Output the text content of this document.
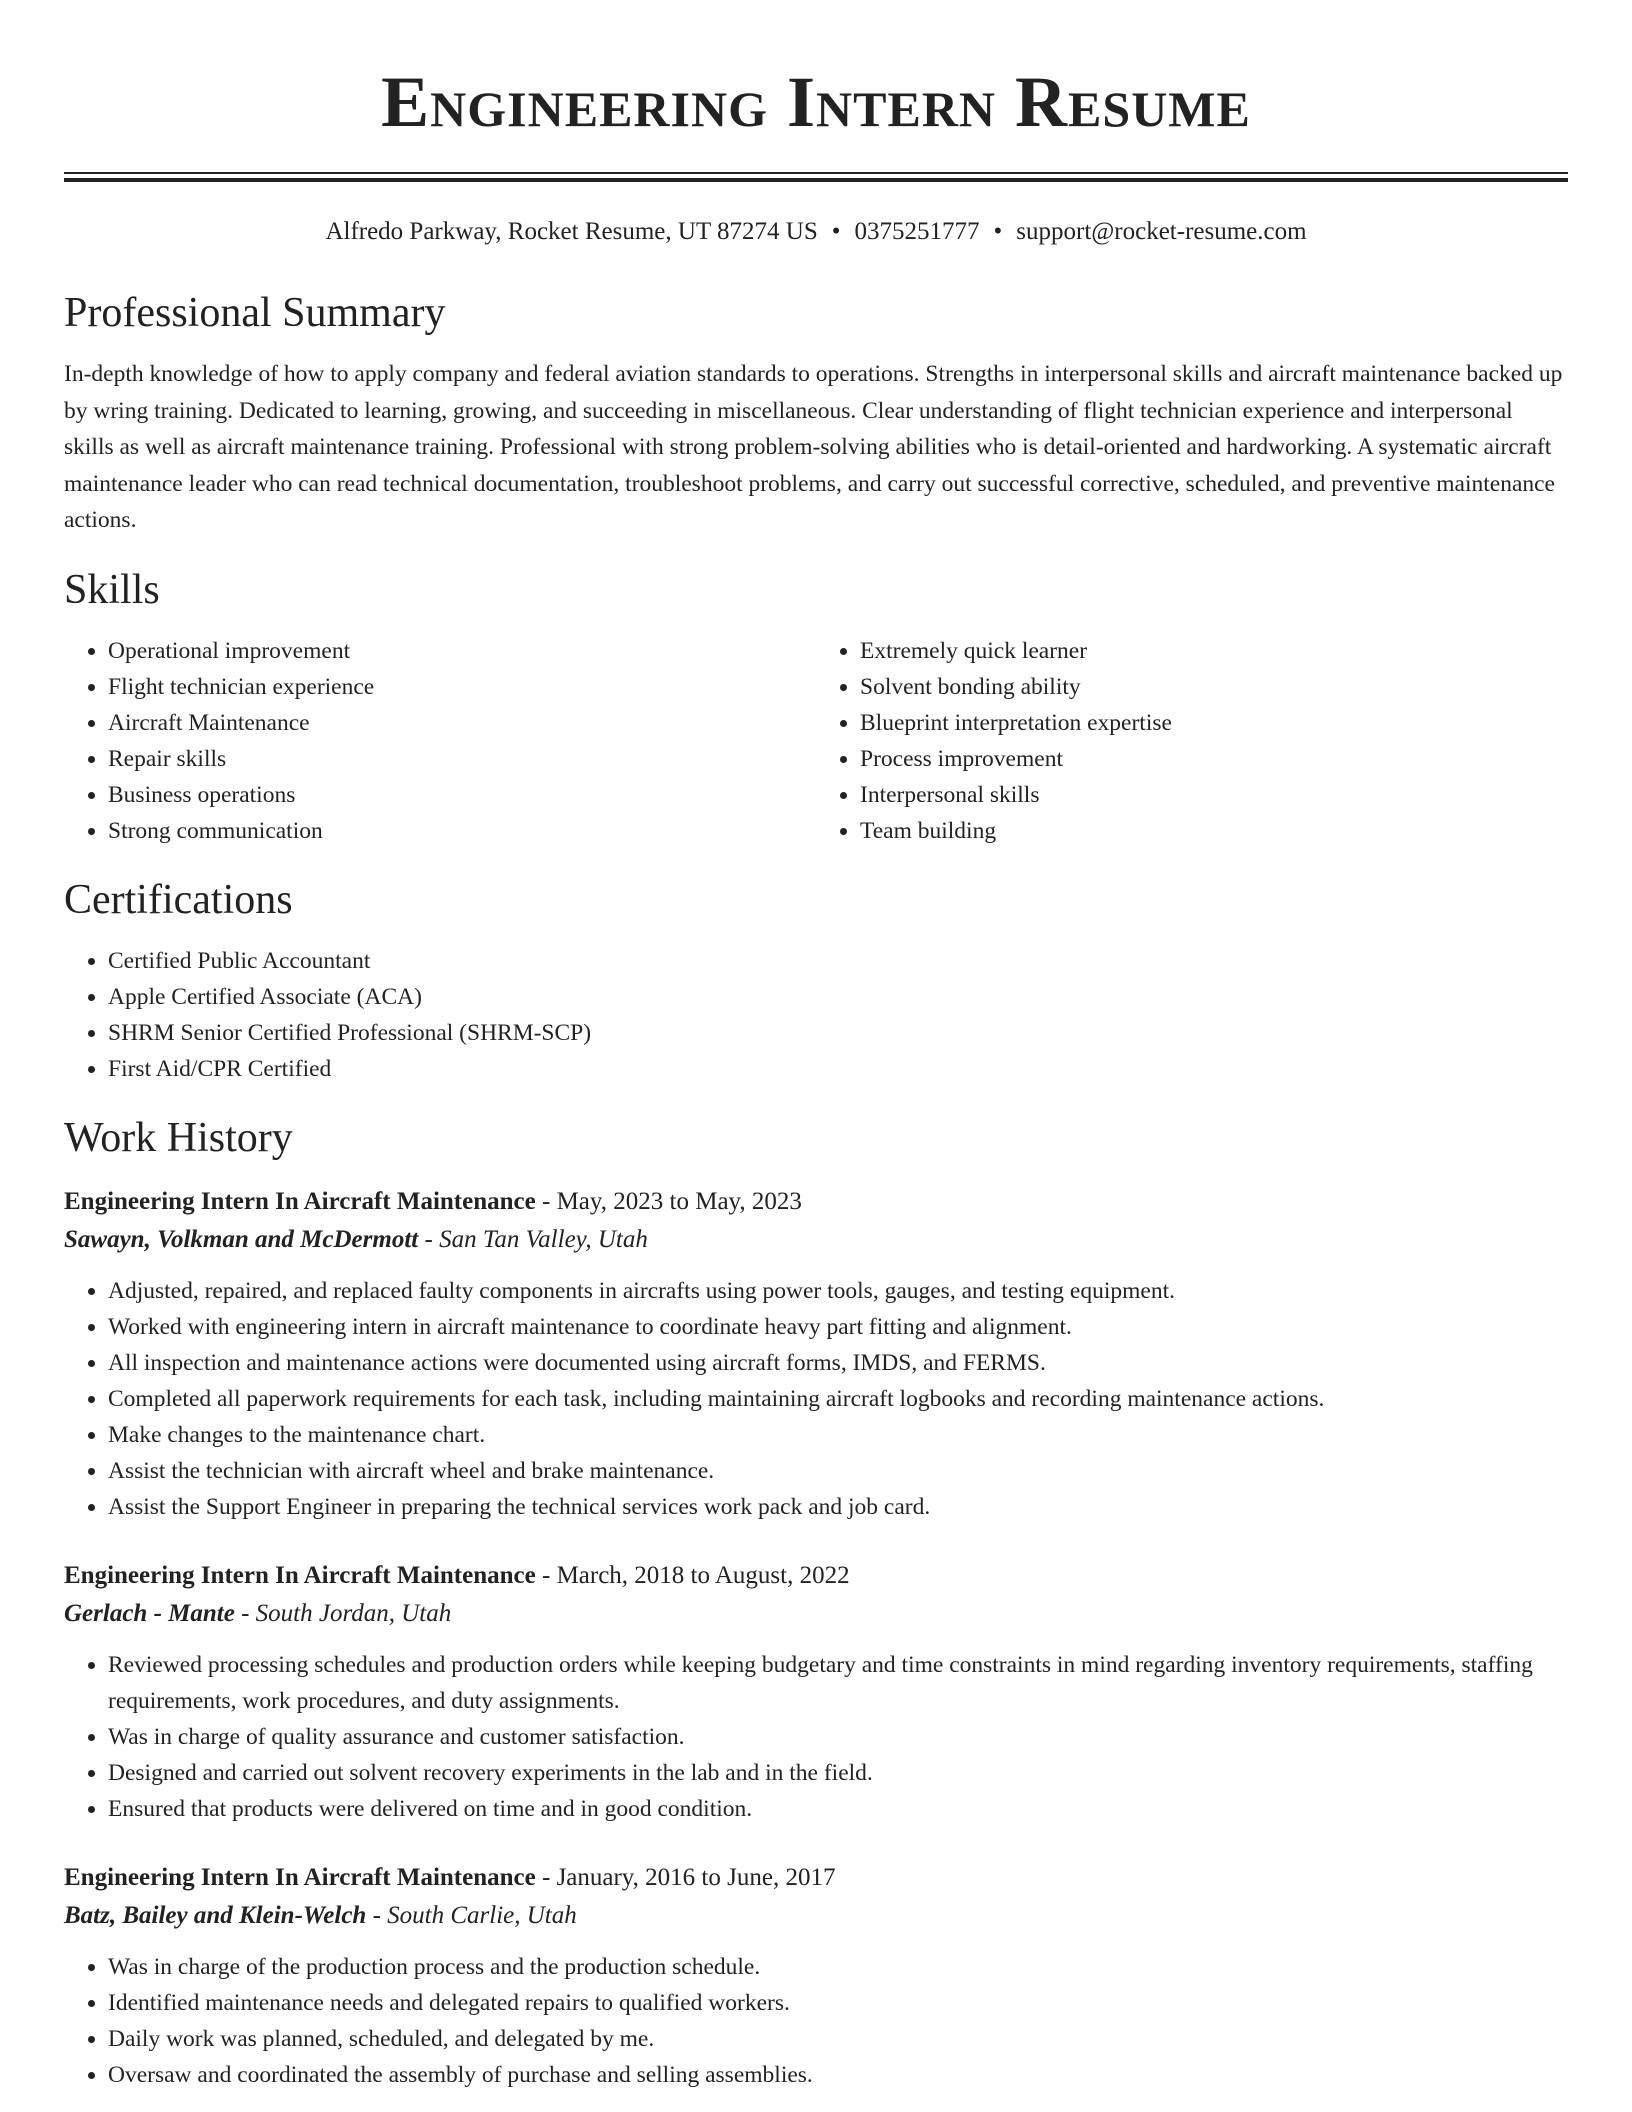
Engineering Intern Resume
Alfredo Parkway, Rocket Resume, UT 87274 US • 0375251777 • support@rocket-resume.com
Professional Summary

In-depth knowledge of how to apply company and federal aviation standards to operations. Strengths in interpersonal skills and aircraft maintenance backed up by wring training. Dedicated to learning, growing, and succeeding in miscellaneous. Clear understanding of flight technician experience and interpersonal skills as well as aircraft maintenance training. Professional with strong problem-solving abilities who is detail-oriented and hardworking. A systematic aircraft maintenance leader who can read technical documentation, troubleshoot problems, and carry out successful corrective, scheduled, and preventive maintenance actions.

Skills
• Operational improvement
• Flight technician experience
• Aircraft Maintenance
• Repair skills
• Business operations
• Strong communication
• Extremely quick learner
• Solvent bonding ability
• Blueprint interpretation expertise
• Process improvement
• Interpersonal skills
• Team building
Certifications
• Certified Public Accountant
• Apple Certified Associate (ACA)
• SHRM Senior Certified Professional (SHRM-SCP)
• First Aid/CPR Certified
Work History
Engineering Intern In Aircraft Maintenance - May, 2023 to May, 2023
Sawayn, Volkman and McDermott - San Tan Valley, Utah
• Adjusted, repaired, and replaced faulty components in aircrafts using power tools, gauges, and testing equipment.
• Worked with engineering intern in aircraft maintenance to coordinate heavy part fitting and alignment.
• All inspection and maintenance actions were documented using aircraft forms, IMDS, and FERMS.
• Completed all paperwork requirements for each task, including maintaining aircraft logbooks and recording maintenance actions.
• Make changes to the maintenance chart.
• Assist the technician with aircraft wheel and brake maintenance.
• Assist the Support Engineer in preparing the technical services work pack and job card.
Engineering Intern In Aircraft Maintenance - March, 2018 to August, 2022
Gerlach - Mante - South Jordan, Utah
• Reviewed processing schedules and production orders while keeping budgetary and time constraints in mind regarding inventory requirements, staffing requirements, work procedures, and duty assignments.
• Was in charge of quality assurance and customer satisfaction.
• Designed and carried out solvent recovery experiments in the lab and in the field.
• Ensured that products were delivered on time and in good condition.
Engineering Intern In Aircraft Maintenance - January, 2016 to June, 2017
Batz, Bailey and Klein-Welch - South Carlie, Utah
• Was in charge of the production process and the production schedule.
• Identified maintenance needs and delegated repairs to qualified workers.
• Daily work was planned, scheduled, and delegated by me.
• Oversaw and coordinated the assembly of purchase and selling assemblies.
